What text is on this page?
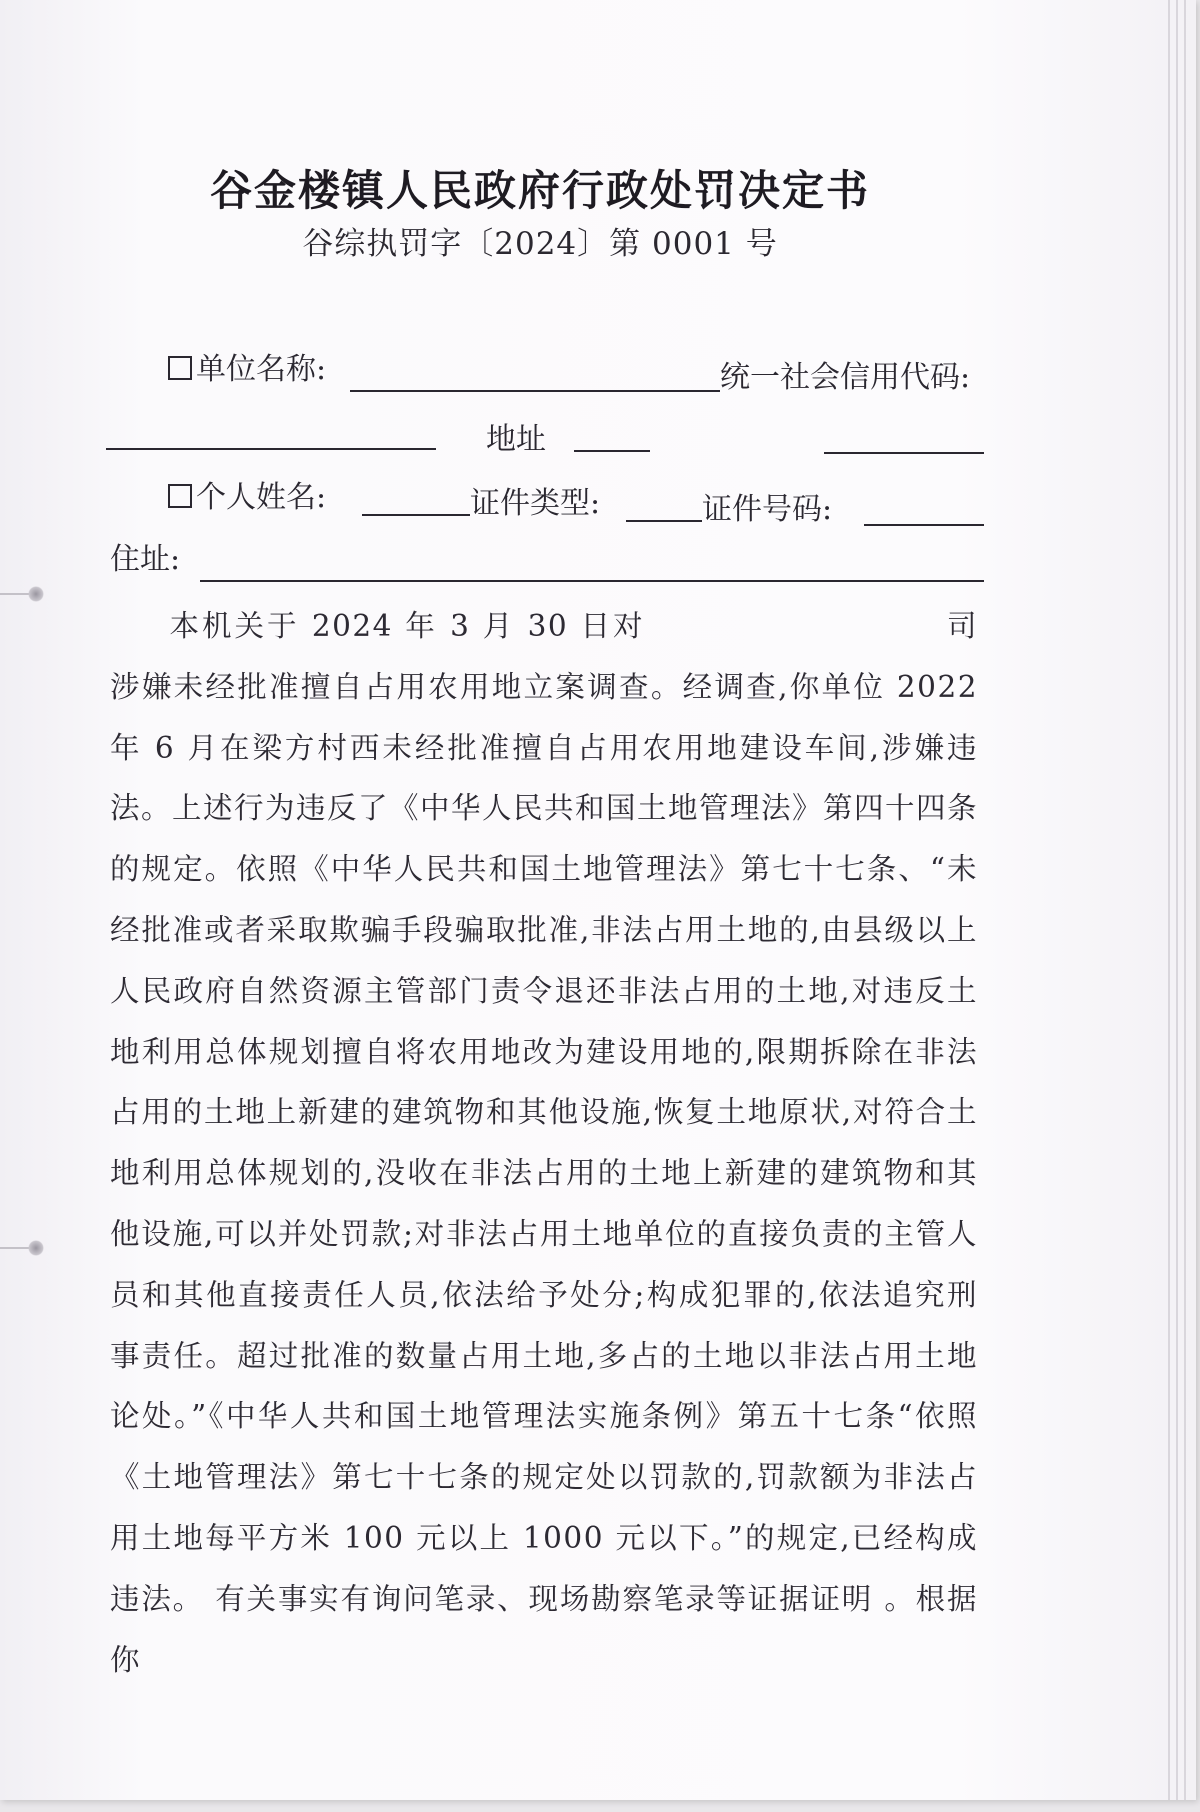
谷金楼镇人民政府行政处罚决定书
谷综执罚字〔2024〕第 0001 号
单位名称:	统一社会信用代码:
地址
个人姓名:	证件类型:	证件号码:
住址:
本机关于 2024 年 3 月 30 日对	司涉嫌未经批准擅自占用农用地立案调查。经调查,你单位 2022 年 6 月在梁方村西未经批准擅自占用农用地建设车间,涉嫌违法。上述行为违反了《中华人民共和国土地管理法》第四十四条的规定。依照《中华人民共和国土地管理法》第七十七条、“未经批准或者采取欺骗手段骗取批准,非法占用土地的,由县级以上人民政府自然资源主管部门责令退还非法占用的土地,对违反土地利用总体规划擅自将农用地改为建设用地的,限期拆除在非法占用的土地上新建的建筑物和其他设施,恢复土地原状,对符合土地利用总体规划的,没收在非法占用的土地上新建的建筑物和其他设施,可以并处罚款;对非法占用土地单位的直接负责的主管人员和其他直接责任人员,依法给予处分;构成犯罪的,依法追究刑事责任。超过批准的数量占用土地,多占的土地以非法占用土地论处。”《中华人共和国土地管理法实施条例》第五十七条“依照《土地管理法》第七十七条的规定处以罚款的,罚款额为非法占用土地每平方米 100 元以上 1000 元以下。”的规定,已经构成违法。 有关事实有询问笔录、现场勘察笔录等证据证明 。根据你
